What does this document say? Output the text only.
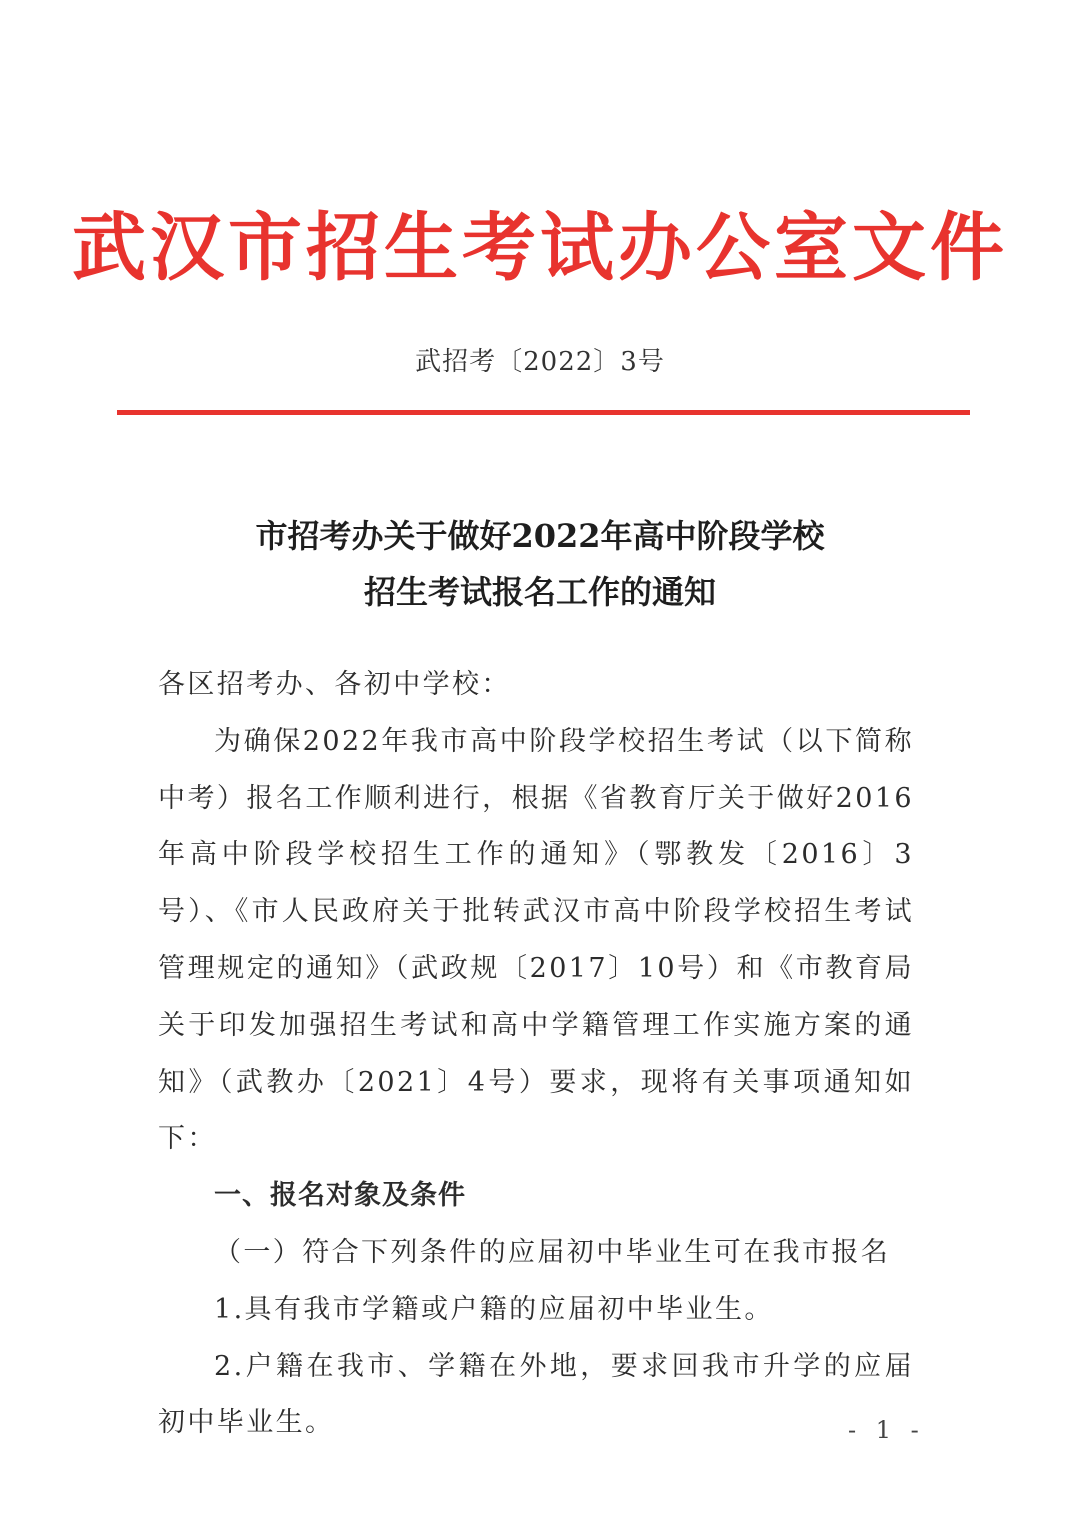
武汉市招生考试办公室文件
武招考〔2022〕3号
市招考办关于做好2022年高中阶段学校
招生考试报名工作的通知

各区招考办、各初中学校：

为确保2022年我市高中阶段学校招生考试（以下简称中考）报名工作顺利进行，根据《省教育厅关于做好2016年高中阶段学校招生工作的通知》（鄂教发〔2016〕3号）、《市人民政府关于批转武汉市高中阶段学校招生考试管理规定的通知》（武政规〔2017〕10号）和《市教育局关于印发加强招生考试和高中学籍管理工作实施方案的通知》（武教办〔2021〕4号）要求，现将有关事项通知如下：

一、报名对象及条件

（一）符合下列条件的应届初中毕业生可在我市报名

1.具有我市学籍或户籍的应届初中毕业生。

2.户籍在我市、学籍在外地，要求回我市升学的应届初中毕业生。	- 1 -
